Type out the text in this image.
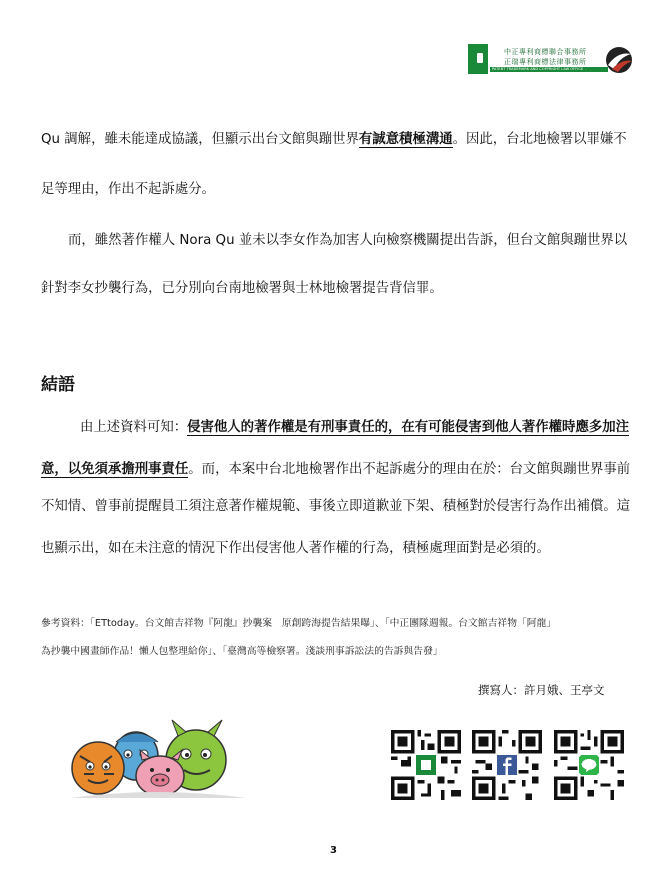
中正專利商標聯合事務所
正瑞專利商標法律事務所
PATENT TRADEMARK AND COPYRIGHT LAW OFFICE
Qu 調解，雖未能達成協議，但顯示出台文館與蹦世界有誠意積極溝通。因此，台北地檢署以罪嫌不
足等理由，作出不起訴處分。
而，雖然著作權人 Nora Qu 並未以李女作為加害人向檢察機關提出告訴，但台文館與蹦世界以
針對李女抄襲行為，已分別向台南地檢署與士林地檢署提告背信罪。
結語
由上述資料可知：侵害他人的著作權是有刑事責任的，在有可能侵害到他人著作權時應多加注
意，以免須承擔刑事責任。而，本案中台北地檢署作出不起訴處分的理由在於：台文館與蹦世界事前
不知情、曾事前提醒員工須注意著作權規範、事後立即道歉並下架、積極對於侵害行為作出補償。這
也顯示出，如在未注意的情況下作出侵害他人著作權的行為，積極處理面對是必須的。
參考資料：「ETtoday。台文館吉祥物『阿龍』抄襲案　原創跨海提告結果曝」、「中正團隊週報。台文館吉祥物「阿龍」
為抄襲中國畫師作品！懶人包整理給你」、「臺灣高等檢察署。淺談刑事訴訟法的告訴與告發」
撰寫人：許月娥、王亭文
3
